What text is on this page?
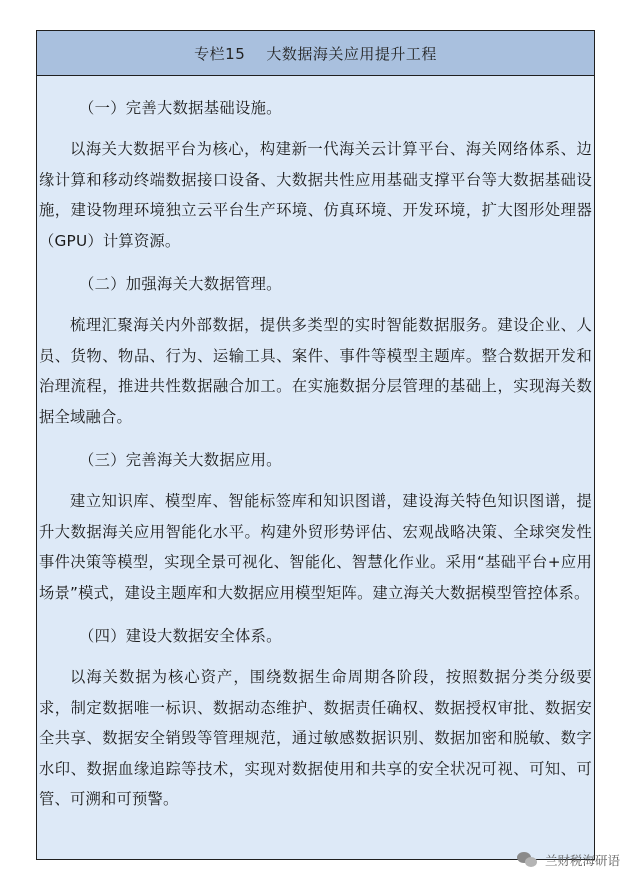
专栏15    大数据海关应用提升工程

（一）完善大数据基础设施。

以海关大数据平台为核心，构建新一代海关云计算平台、海关网络体系、边缘计算和移动终端数据接口设备、大数据共性应用基础支撑平台等大数据基础设施，建设物理环境独立云平台生产环境、仿真环境、开发环境，扩大图形处理器（GPU）计算资源。

（二）加强海关大数据管理。

梳理汇聚海关内外部数据，提供多类型的实时智能数据服务。建设企业、人员、货物、物品、行为、运输工具、案件、事件等模型主题库。整合数据开发和治理流程，推进共性数据融合加工。在实施数据分层管理的基础上，实现海关数据全域融合。

（三）完善海关大数据应用。

建立知识库、模型库、智能标签库和知识图谱，建设海关特色知识图谱，提升大数据海关应用智能化水平。构建外贸形势评估、宏观战略决策、全球突发性事件决策等模型，实现全景可视化、智能化、智慧化作业。采用“基础平台+应用场景”模式，建设主题库和大数据应用模型矩阵。建立海关大数据模型管控体系。

（四）建设大数据安全体系。

以海关数据为核心资产，围绕数据生命周期各阶段，按照数据分类分级要求，制定数据唯一标识、数据动态维护、数据责任确权、数据授权审批、数据安全共享、数据安全销毁等管理规范，通过敏感数据识别、数据加密和脱敏、数字水印、数据血缘追踪等技术，实现对数据使用和共享的安全状况可视、可知、可管、可溯和可预警。

兰财税海研语
